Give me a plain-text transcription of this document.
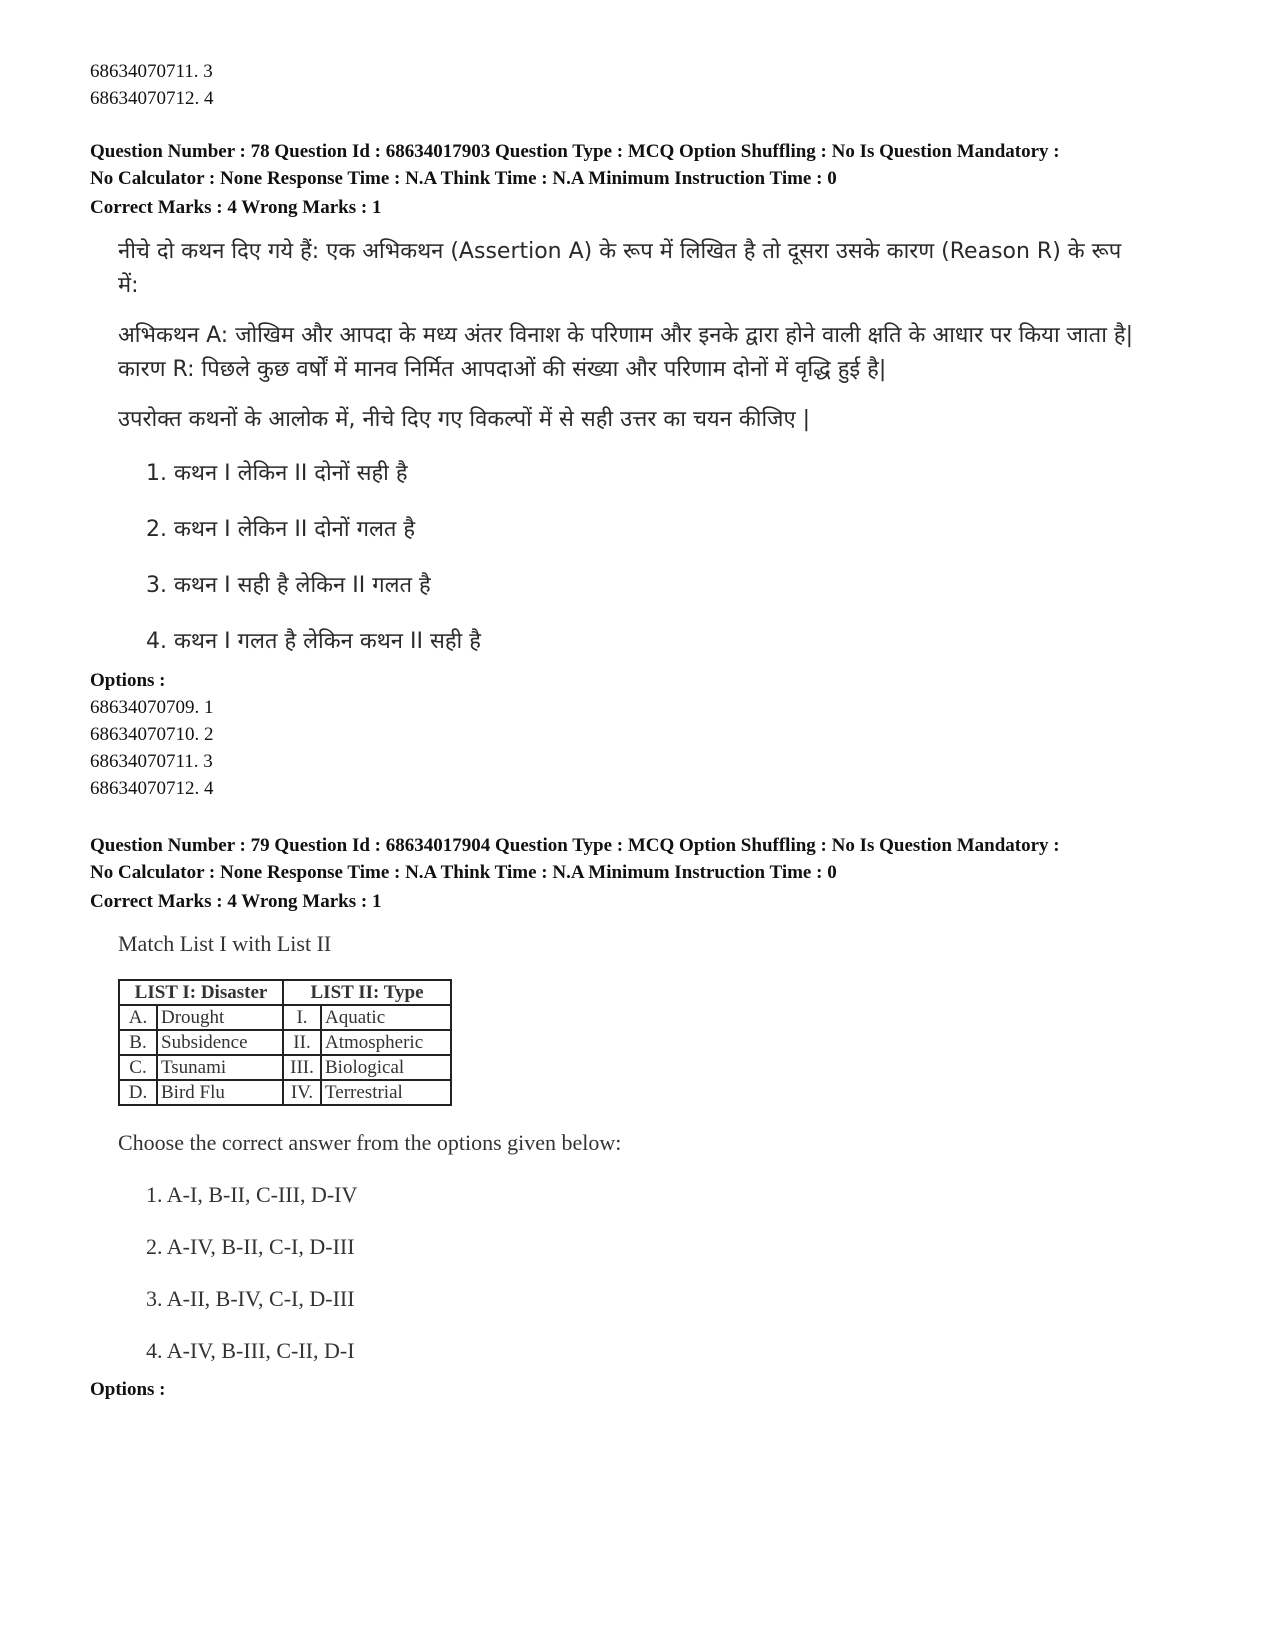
68634070711. 3
68634070712. 4
Question Number : 78 Question Id : 68634017903 Question Type : MCQ Option Shuffling : No Is Question Mandatory :
No Calculator : None Response Time : N.A Think Time : N.A Minimum Instruction Time : 0
Correct Marks : 4 Wrong Marks : 1
नीचे दो कथन दिए गये हैं: एक अभिकथन (Assertion A) के रूप में लिखित है तो दूसरा उसके कारण (Reason R) के रूप में:
अभिकथन A: जोखिम और आपदा के मध्य अंतर विनाश के परिणाम और इनके द्वारा होने वाली क्षति के आधार पर किया जाता है|
कारण R: पिछले कुछ वर्षों में मानव निर्मित आपदाओं की संख्या और परिणाम दोनों में वृद्धि हुई है|
उपरोक्त कथनों के आलोक में, नीचे दिए गए विकल्पों में से सही उत्तर का चयन कीजिए |
1. कथन I लेकिन II दोनों सही है
2. कथन I लेकिन II दोनों गलत है
3. कथन I सही है लेकिन II गलत है
4. कथन I गलत है लेकिन कथन II सही है
Options :
68634070709. 1
68634070710. 2
68634070711. 3
68634070712. 4
Question Number : 79 Question Id : 68634017904 Question Type : MCQ Option Shuffling : No Is Question Mandatory :
No Calculator : None Response Time : N.A Think Time : N.A Minimum Instruction Time : 0
Correct Marks : 4 Wrong Marks : 1
Match List I with List II
LIST I: Disaster		LIST II: Type	
A.	Drought	I.	Aquatic
B.	Subsidence	II.	Atmospheric
C.	Tsunami	III.	Biological
D.	Bird Flu	IV.	Terrestrial
Choose the correct answer from the options given below:
1. A-I, B-II, C-III, D-IV
2. A-IV, B-II, C-I, D-III
3. A-II, B-IV, C-I, D-III
4. A-IV, B-III, C-II, D-I
Options :
